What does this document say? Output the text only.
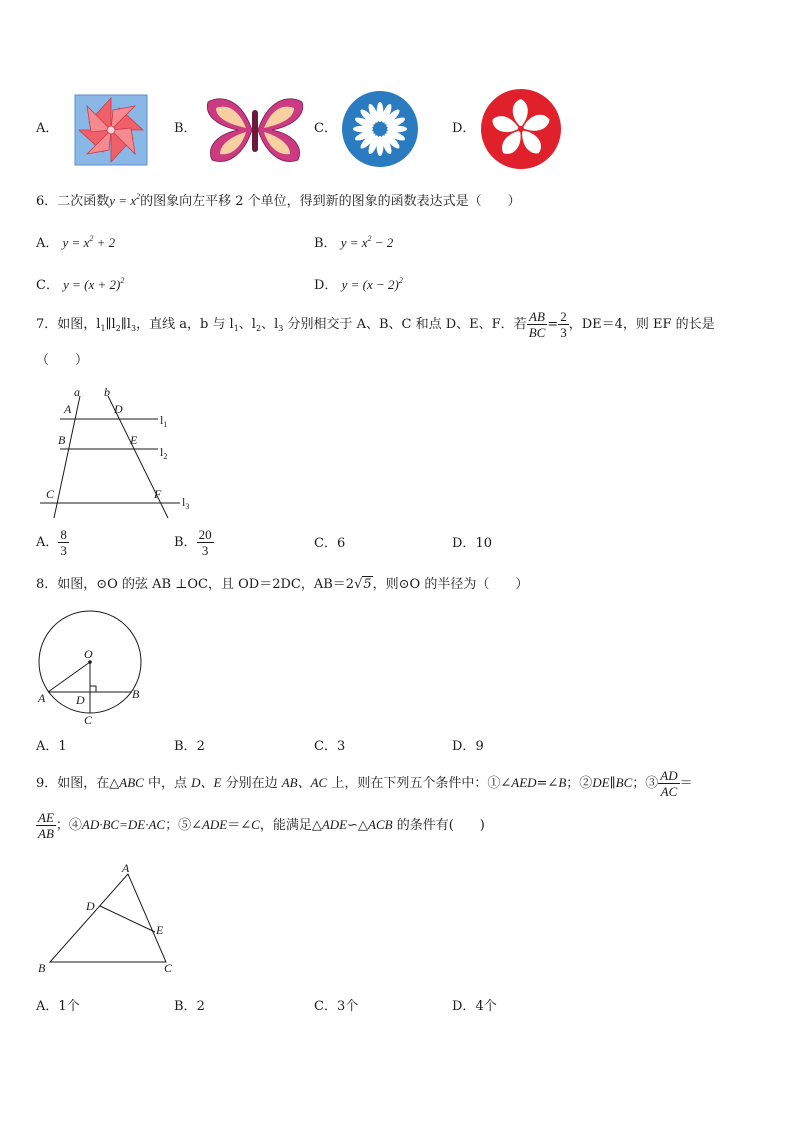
A．	B．	C．	D．
6．二次函数$y = x^2$的图象向左平移 2 个单位，得到新的图象的函数表达式是（　　）
A． $y = x^2 + 2$	B． $y = x^2 - 2$
C． $y = (x + 2)^2$	D． $y = (x - 2)^2$
7．如图，$l_1\parallel l_2\parallel l_3$，直线 a，b 与 $l_1$、$l_2$、$l_3$ 分别相交于 A、B、C 和点 D、E、F．若 $\frac{AB}{BC} = \frac{2}{3}$ ，DE＝4，则 EF 的长是
（　　）
a b
A
B
C
D
E
F
$l_1$
$l_2$
$l_3$
A． $\frac{8}{3}$	B． $\frac{20}{3}$	C．6	D．10
8．如图，⊙O 的弦 AB ⊥OC，且 OD＝2DC，AB＝2√5，则⊙O 的半径为（　　）
O
A	B
D
C
A．1	B．2	C．3	D．9
9．如图，在△ABC 中，点 D、E 分别在边 AB、AC 上，则在下列五个条件中：①∠AED=∠B；②DE∥BC；③ $\frac{AD}{AC}$ ＝
$\frac{AE}{AB}$ ；④AD·BC=DE·AC；⑤∠ADE＝∠C，能满足△ADE∽△ACB 的条件有(　　)
A
B	C
D
E
A．1个	B．2	C．3个	D．4个
